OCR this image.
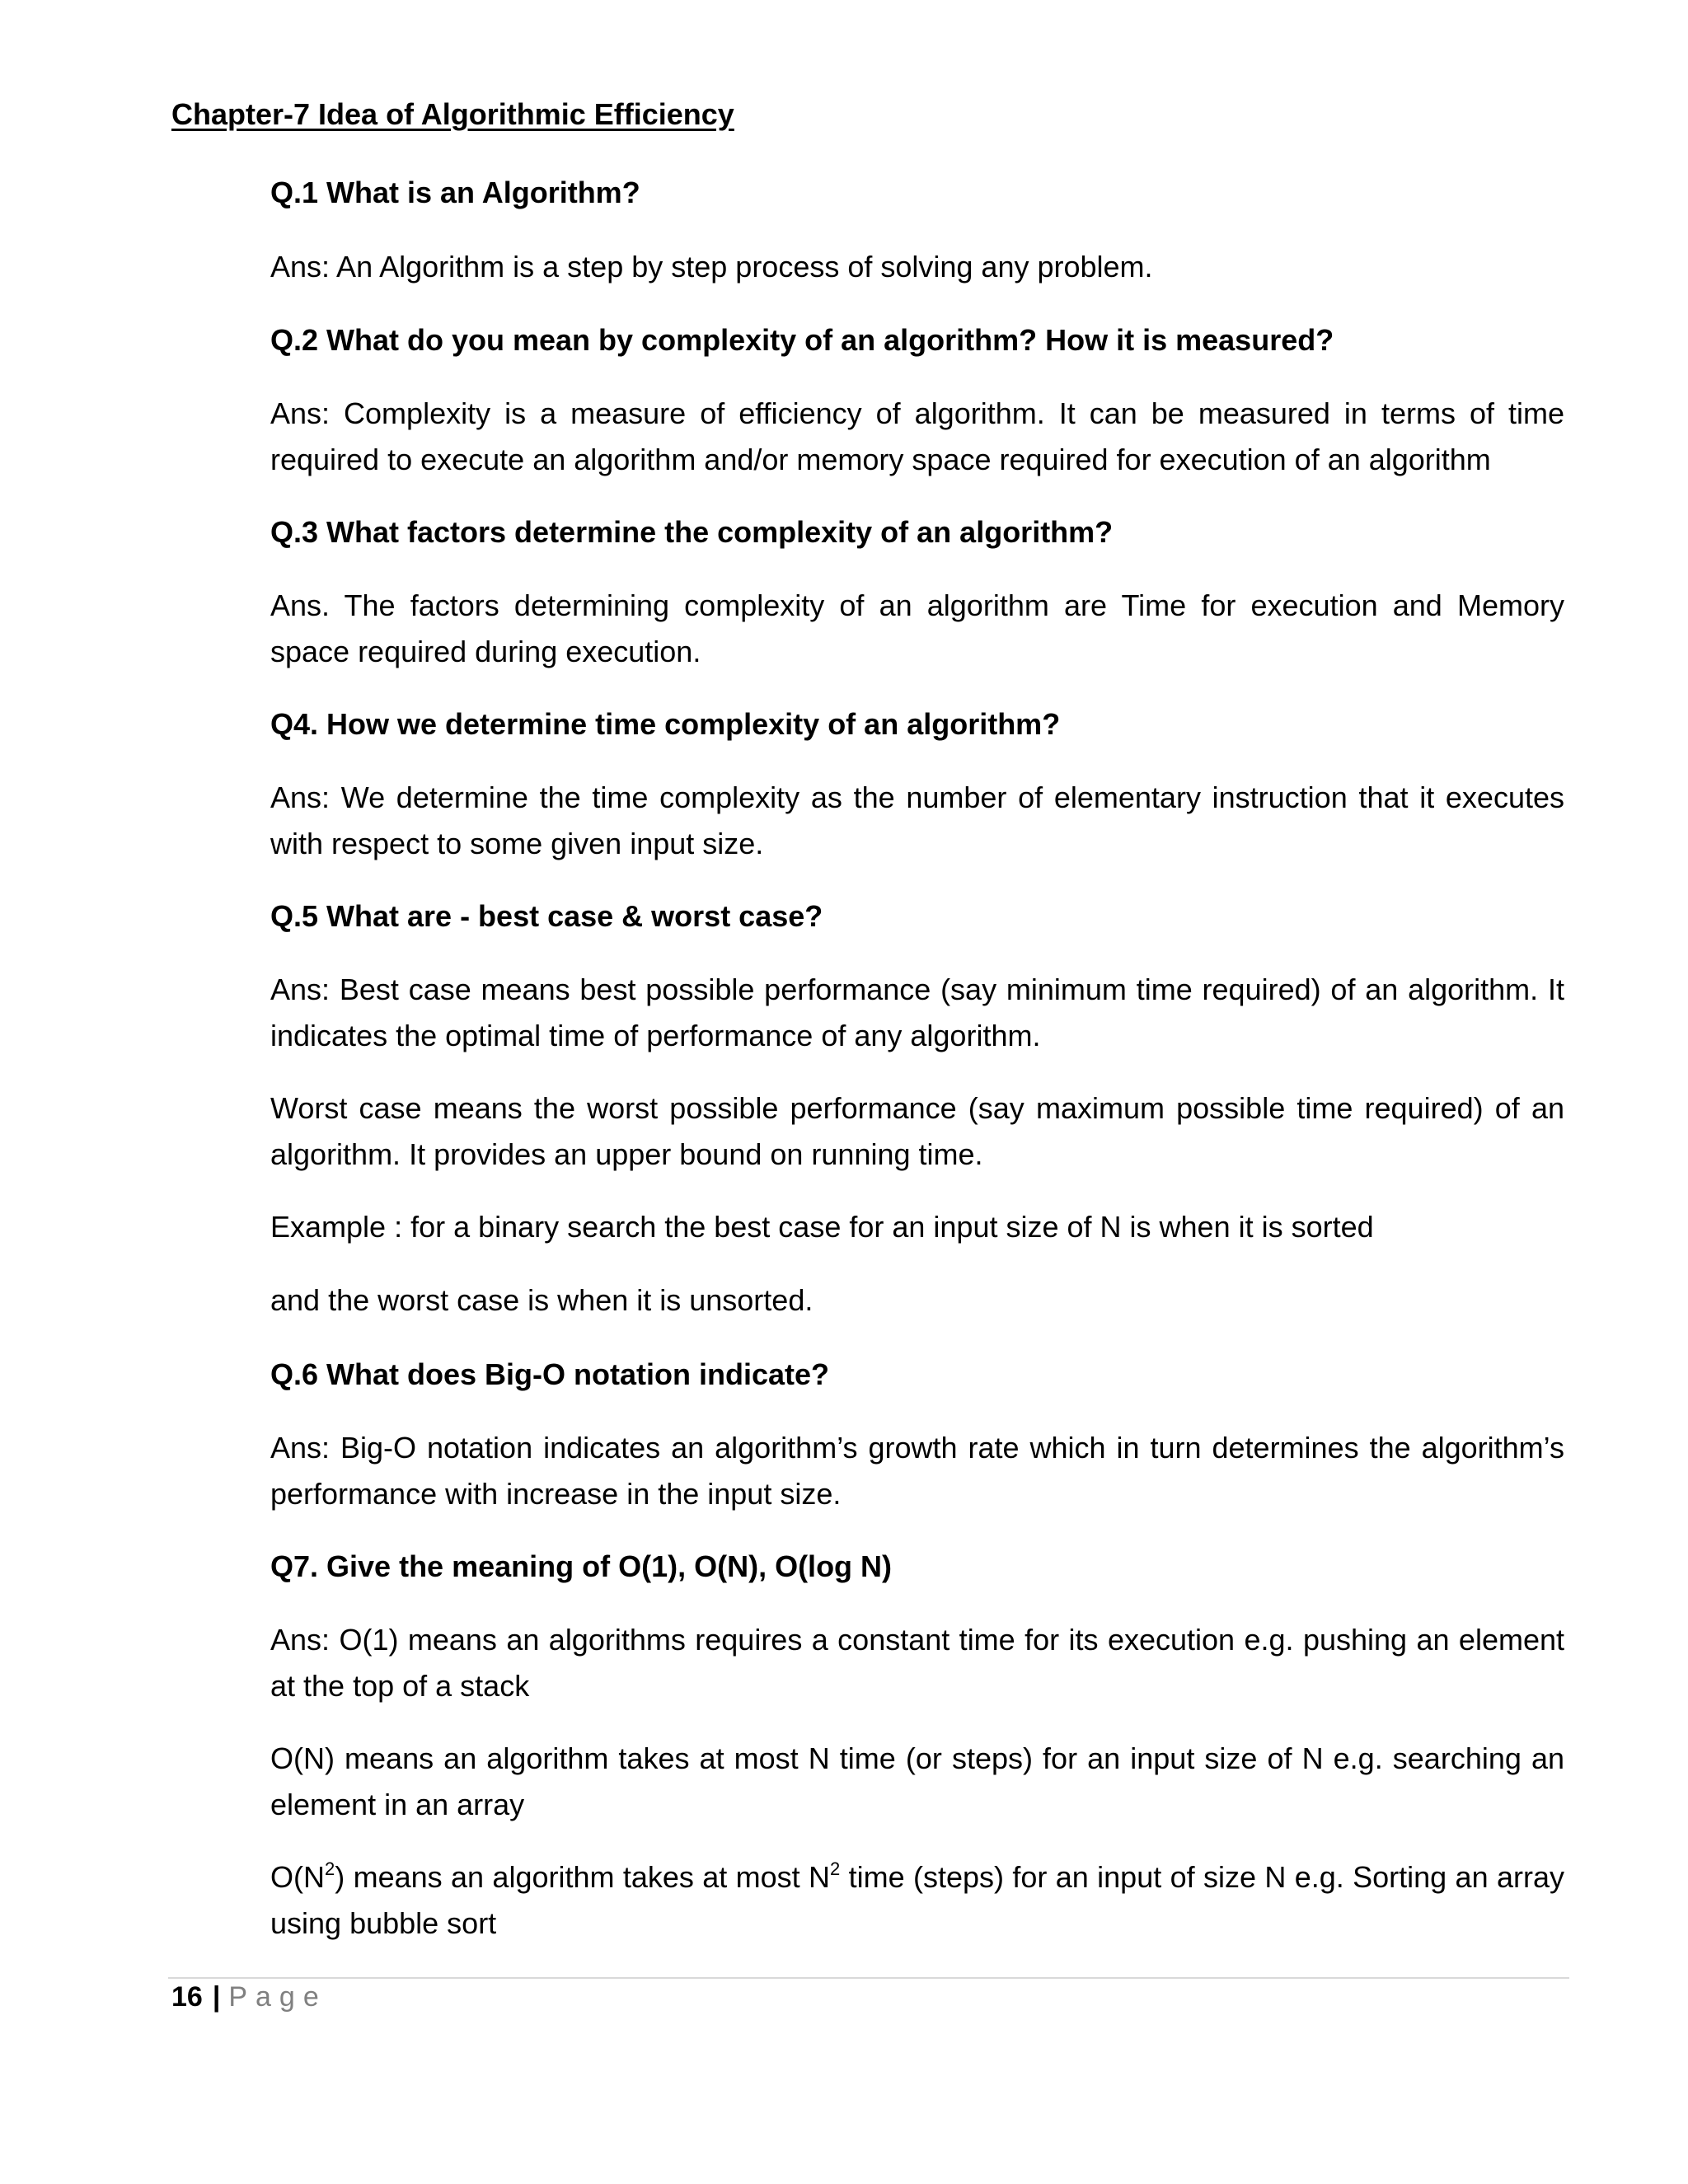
Chapter-7 Idea of Algorithmic Efficiency
Q.1 What is an Algorithm?
Ans: An Algorithm is a step by step process of solving any problem.
Q.2 What do you mean by complexity of an algorithm? How it is measured?
Ans: Complexity is a measure of efficiency of algorithm. It can be measured in terms of time required to execute an algorithm and/or memory space required for execution of an algorithm
Q.3 What factors determine the complexity of an algorithm?
Ans. The factors determining complexity of an algorithm are Time for execution and Memory space required during execution.
Q4. How we determine time complexity of an algorithm?
Ans: We determine the time complexity as the number of elementary instruction that it executes with respect to some given input size.
Q.5 What are - best case & worst case?
Ans: Best case means best possible performance (say minimum time required) of an algorithm. It indicates the optimal time of performance of any algorithm.
Worst case means the worst possible performance (say maximum possible time required) of an algorithm. It provides an upper bound on running time.
Example : for a binary search the best case for an input size of N is when it is sorted
and the worst case is when it is unsorted.
Q.6 What does Big-O notation indicate?
Ans: Big-O notation indicates an algorithm’s growth rate which in turn determines the algorithm’s performance with increase in the input size.
Q7. Give the meaning of O(1), O(N), O(log N)
Ans: O(1) means an algorithms requires a constant time for its execution e.g. pushing an element at the top of a stack
O(N) means an algorithm takes at most N time (or steps) for an input size of N e.g. searching an element in an array
$O(N^2)$ means an algorithm takes at most $N^2$ time (steps) for an input of size N e.g. Sorting an array using bubble sort
16 | Page
